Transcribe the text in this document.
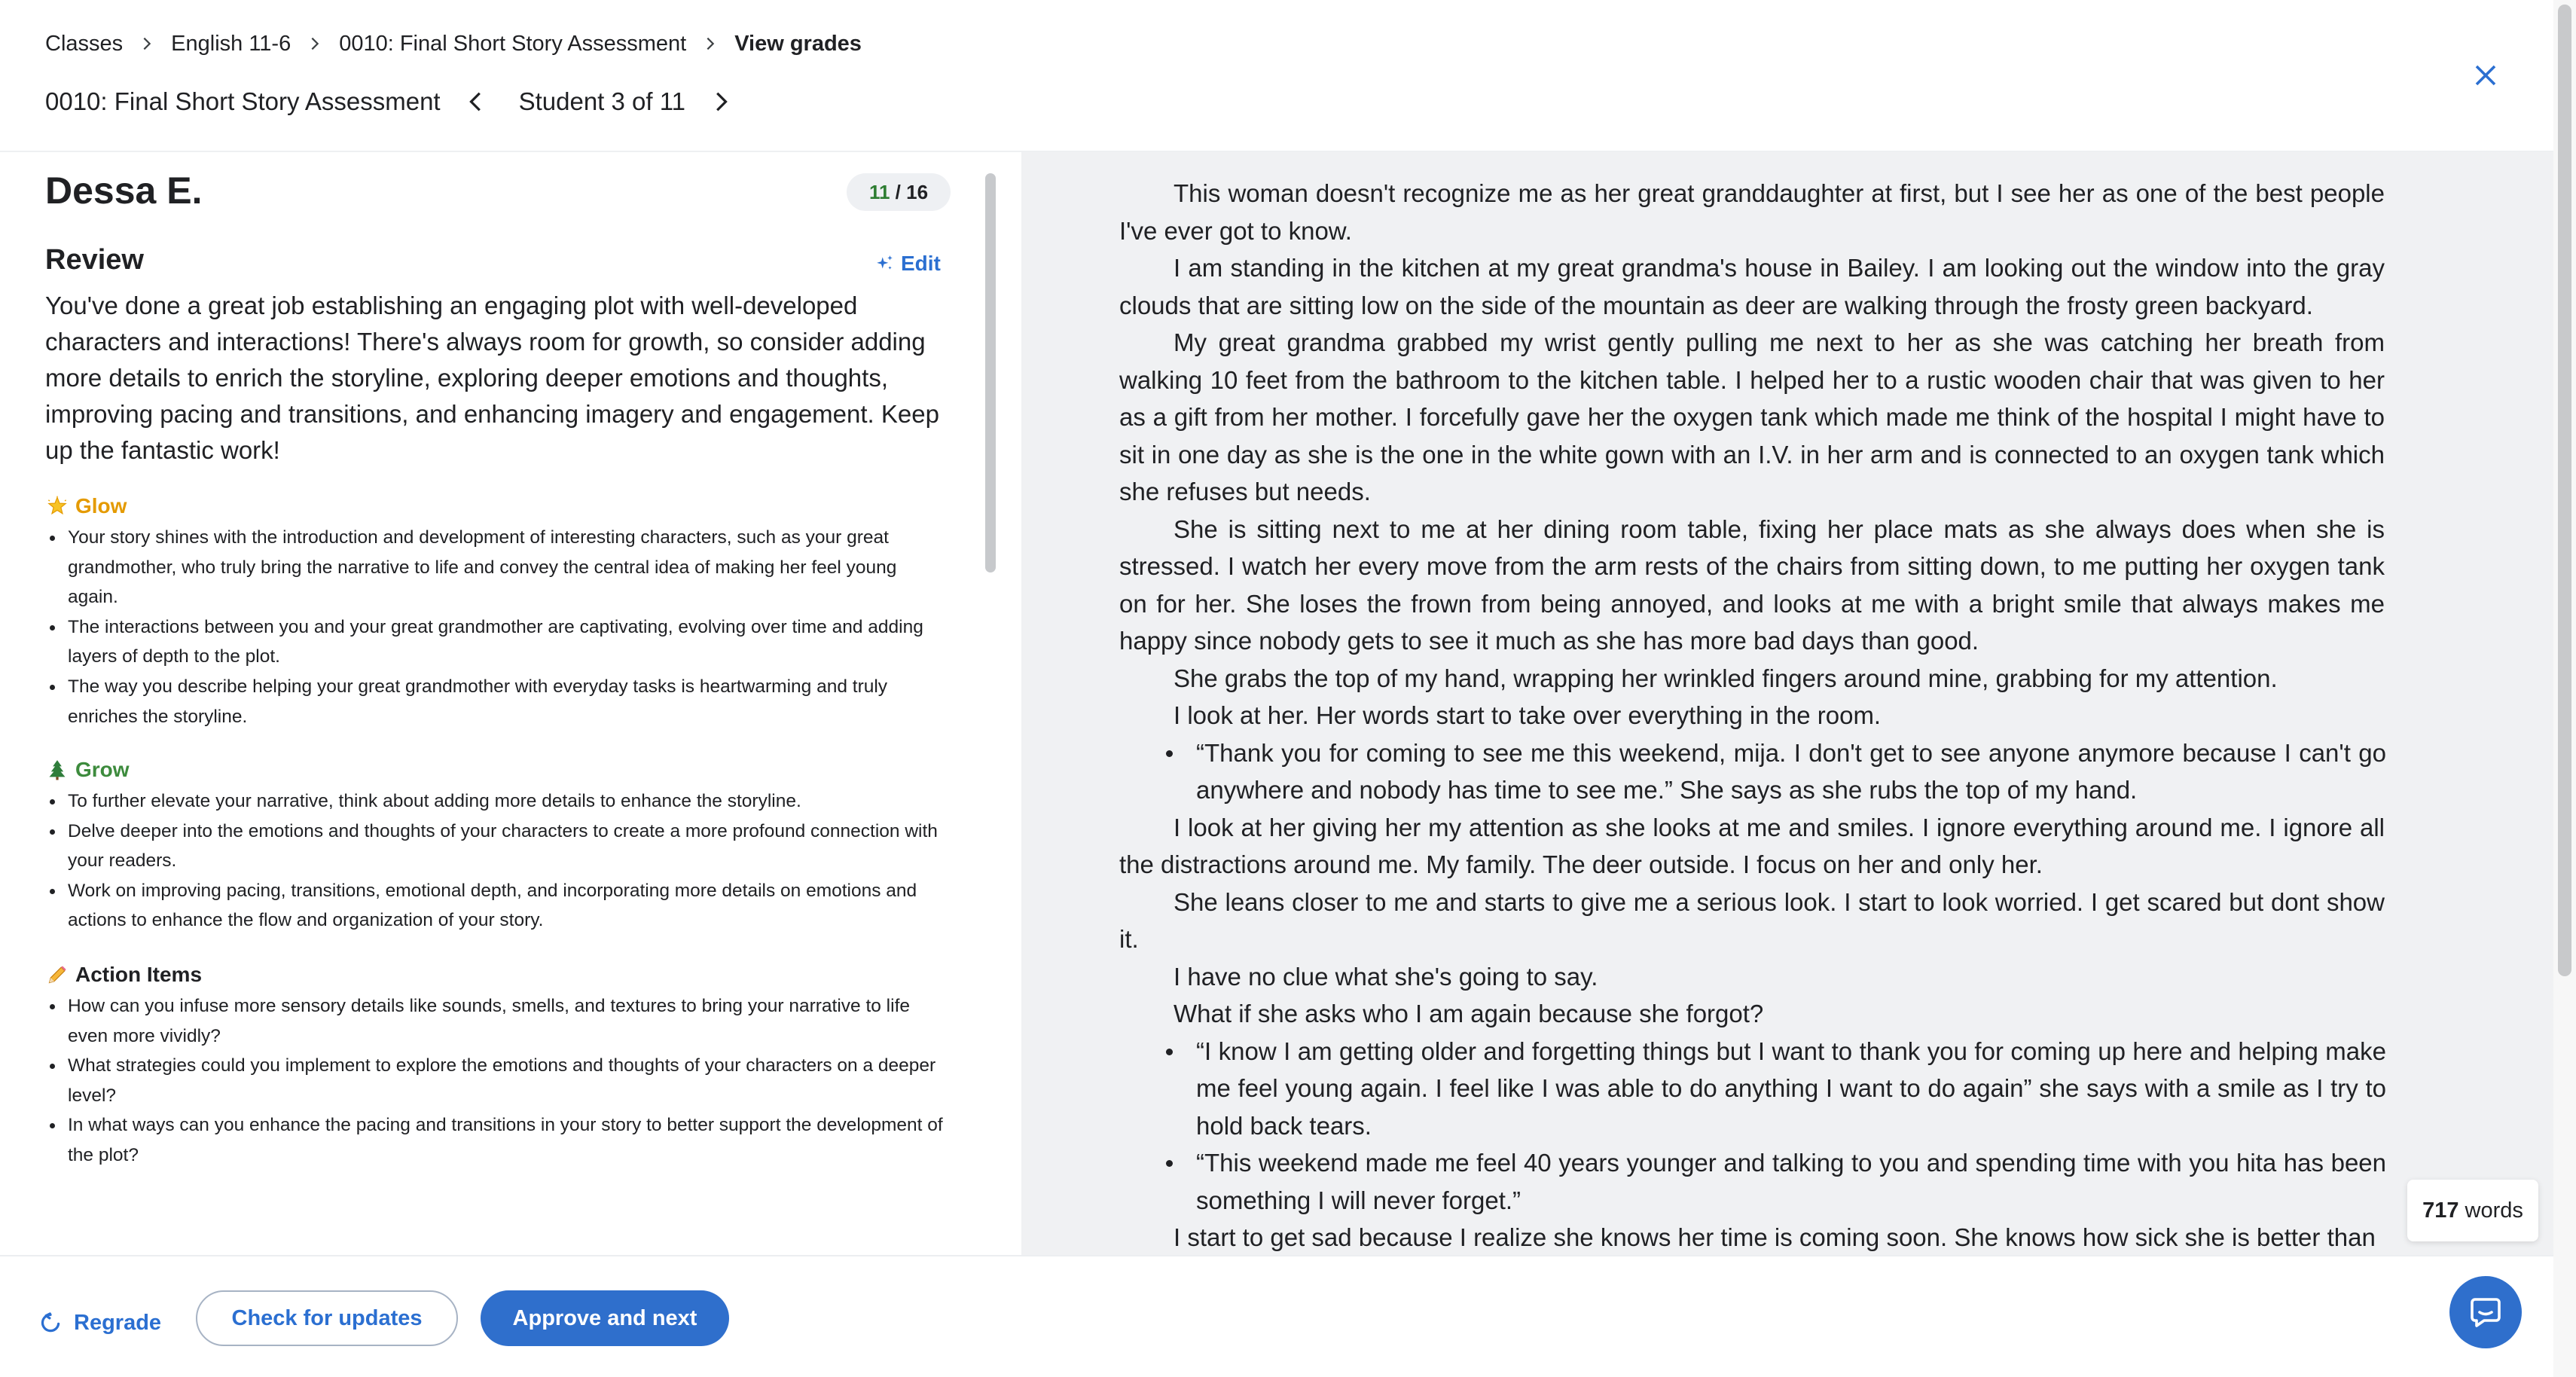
Classes English 11-6 0010: Final Short Story Assessment View grades
0010: Final Short Story Assessment	Student 3 of 11
Dessa E.	11
/ 16
Review	Edit
You've done a great job establishing an engaging plot with well-developed characters and interactions! There's always room for growth, so consider adding more details to enrich the storyline, exploring deeper emotions and thoughts, improving pacing and transitions, and enhancing imagery and engagement. Keep up the fantastic work!
Glow
Your story shines with the introduction and development of interesting characters, such as your great grandmother, who truly bring the narrative to life and convey the central idea of making her feel young again.
The interactions between you and your great grandmother are captivating, evolving over time and adding layers of depth to the plot.
The way you describe helping your great grandmother with everyday tasks is heartwarming and truly enriches the storyline.
Grow
To further elevate your narrative, think about adding more details to enhance the storyline.
Delve deeper into the emotions and thoughts of your characters to create a more profound connection with your readers.
Work on improving pacing, transitions, emotional depth, and incorporating more details on emotions and actions to enhance the flow and organization of your story.
Action Items
How can you infuse more sensory details like sounds, smells, and textures to bring your narrative to life even more vividly?
What strategies could you implement to explore the emotions and thoughts of your characters on a deeper level?
In what ways can you enhance the pacing and transitions in your story to better support the development of the plot?

This woman doesn't recognize me as her great granddaughter at first, but I see her as one of the best people I've ever got to know.

I am standing in the kitchen at my great grandma's house in Bailey. I am looking out the window into the gray clouds that are sitting low on the side of the mountain as deer are walking through the frosty green backyard.

My great grandma grabbed my wrist gently pulling me next to her as she was catching her breath from walking 10 feet from the bathroom to the kitchen table. I helped her to a rustic wooden chair that was given to her as a gift from her mother. I forcefully gave her the oxygen tank which made me think of the hospital I might have to sit in one day as she is the one in the white gown with an I.V. in her arm and is connected to an oxygen tank which she refuses but needs.

She is sitting next to me at her dining room table, fixing her place mats as she always does when she is stressed. I watch her every move from the arm rests of the chairs from sitting down, to me putting her oxygen tank on for her. She loses the frown from being annoyed, and looks at me with a bright smile that always makes me happy since nobody gets to see it much as she has more bad days than good.

She grabs the top of my hand, wrapping her wrinkled fingers around mine, grabbing for my attention.

I look at her. Her words start to take over everything in the room.

“Thank you for coming to see me this weekend, mija. I don't get to see anyone anymore because I can't go anywhere and nobody has time to see me.” She says as she rubs the top of my hand.

I look at her giving her my attention as she looks at me and smiles. I ignore everything around me. I ignore all the distractions around me. My family. The deer outside. I focus on her and only her.

She leans closer to me and starts to give me a serious look. I start to look worried. I get scared but dont show it.

I have no clue what she's going to say.

What if she asks who I am again because she forgot?

“I know I am getting older and forgetting things but I want to thank you for coming up here and helping make me feel young again. I feel like I was able to do anything I want to do again” she says with a smile as I try to hold back tears.
“This weekend made me feel 40 years younger and talking to you and spending time with you hita has been something I will never forget.”

I start to get sad because I realize she knows her time is coming soon. She knows how sick she is better than

717 words
Regrade	Check for updates	Approve and next
